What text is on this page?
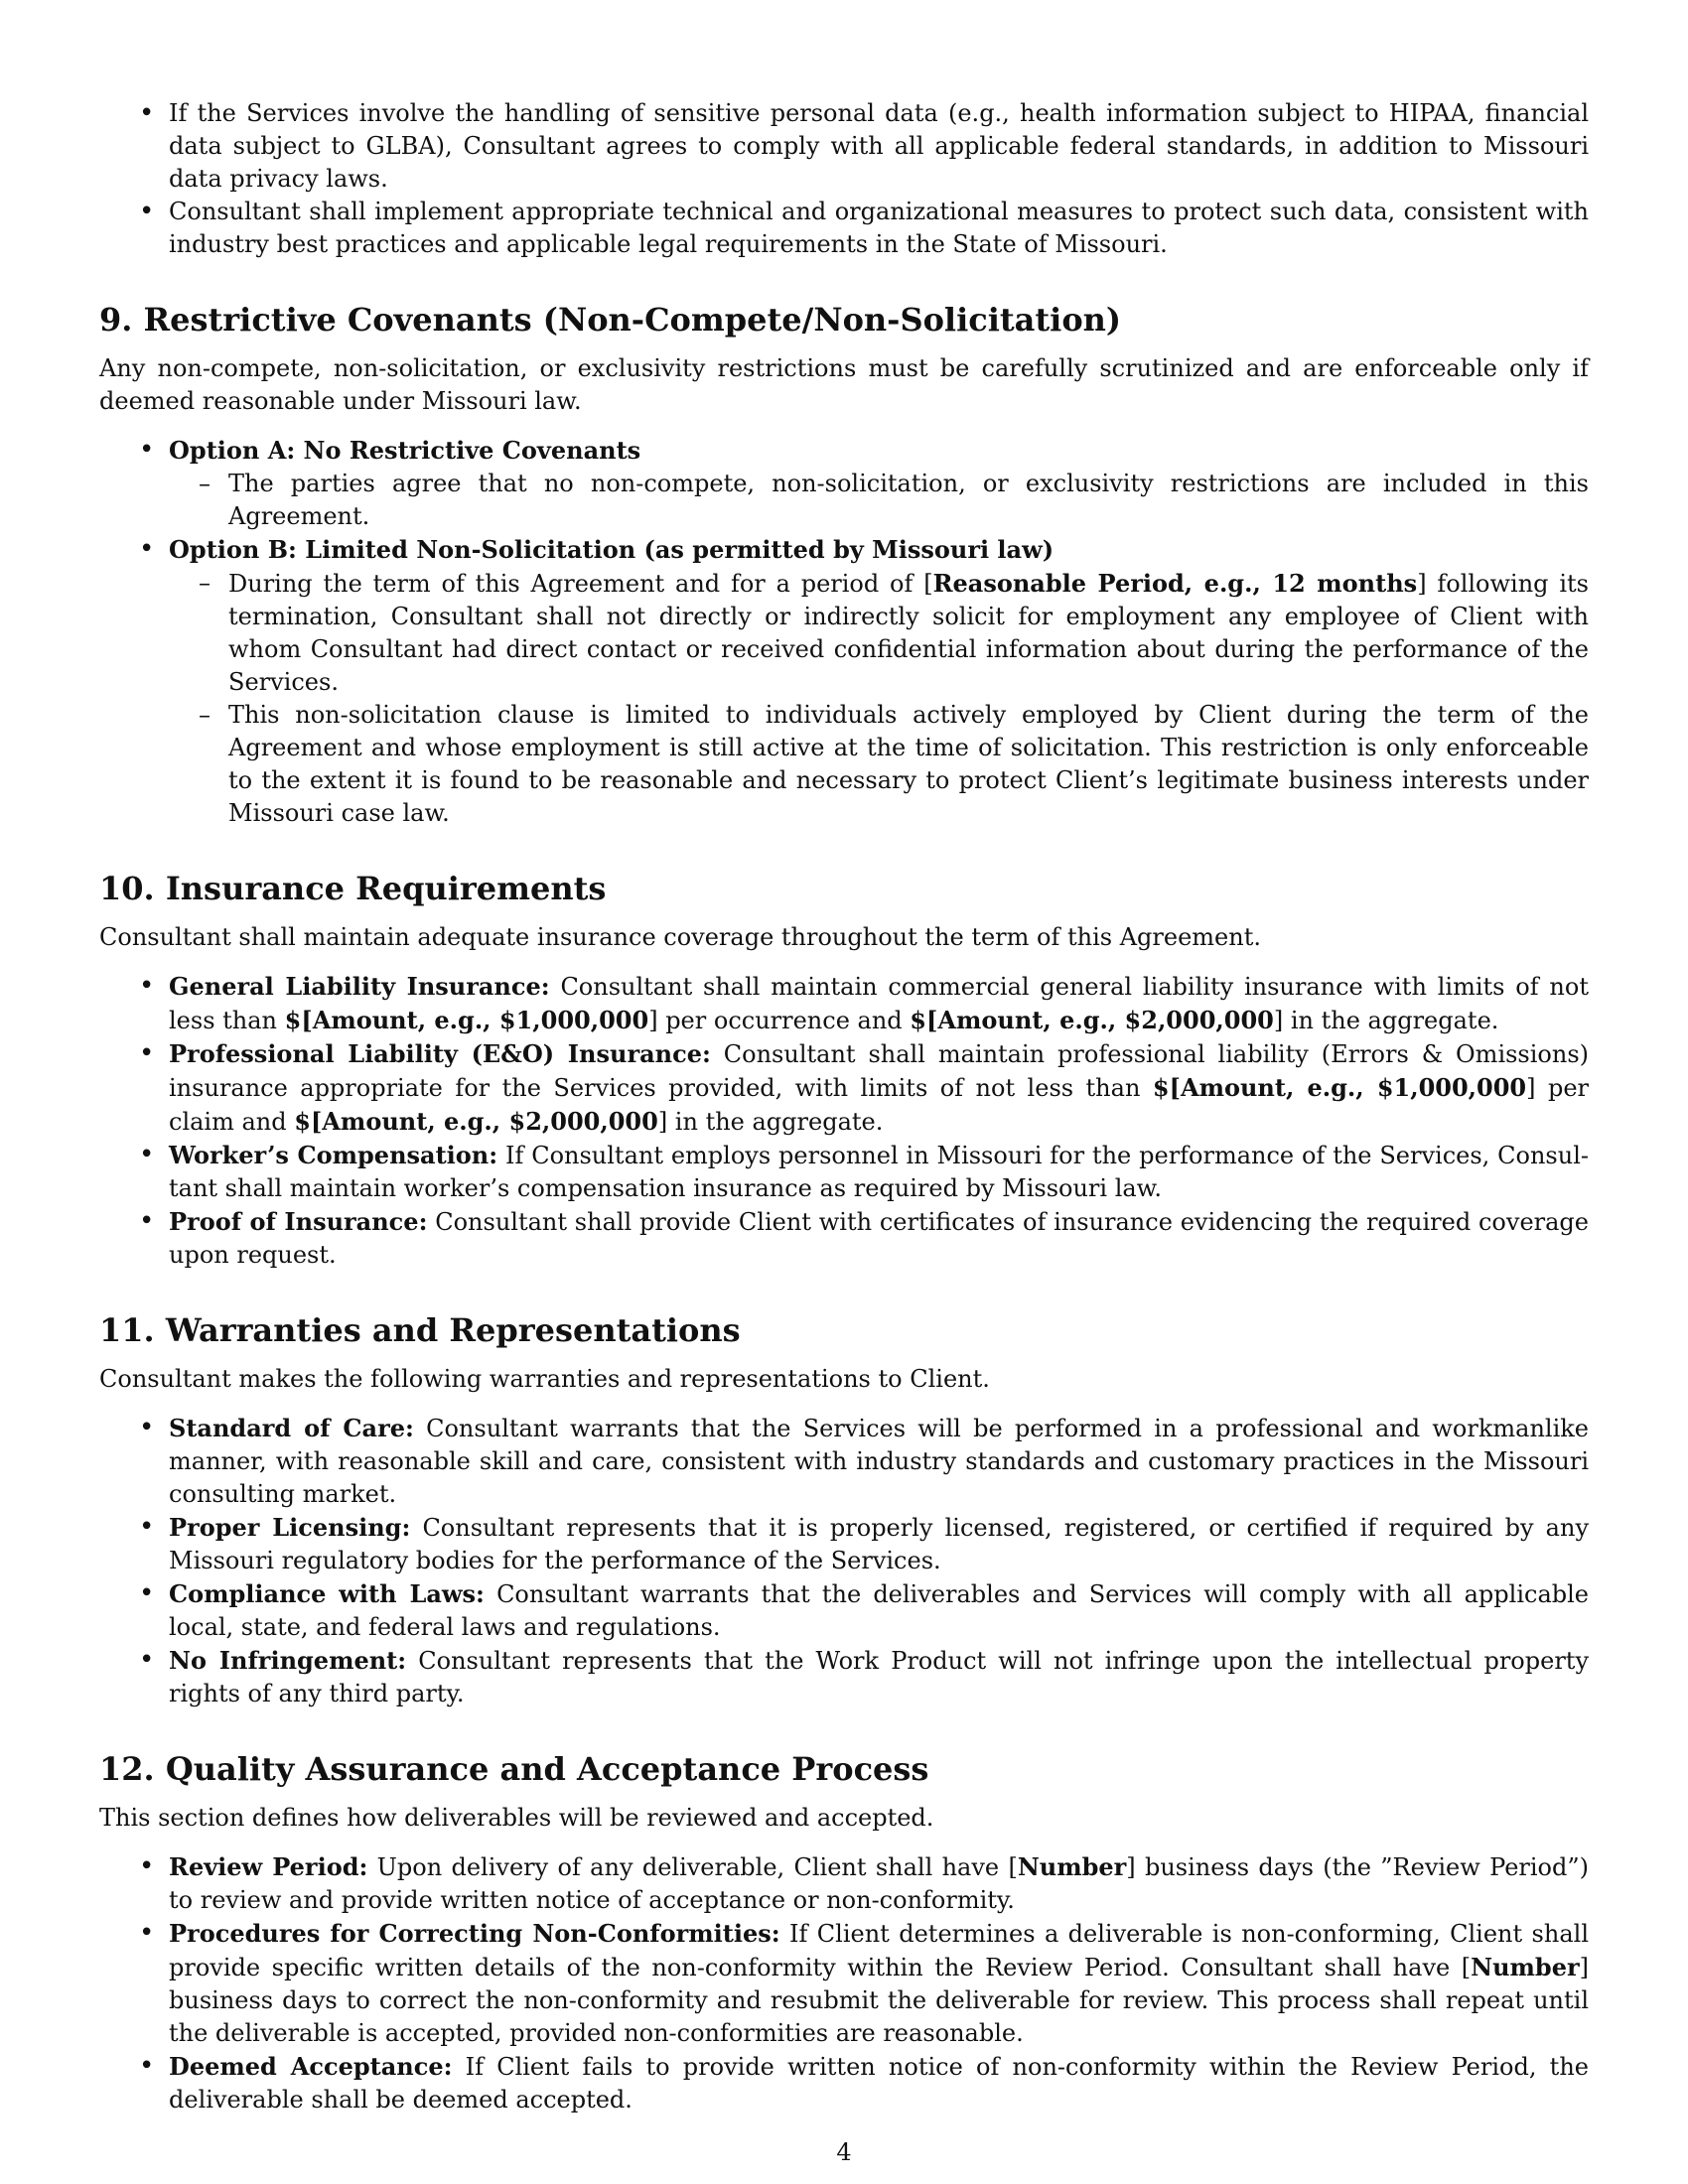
• If the Services involve the handling of sensitive personal data (e.g., health information subject to HIPAA, financial data subject to GLBA), Consultant agrees to comply with all applicable federal standards, in addition to Missouri data privacy laws.
• Consultant shall implement appropriate technical and organizational measures to protect such data, consistent with industry best practices and applicable legal requirements in the State of Missouri.
9. Restrictive Covenants (Non-Compete/Non-Solicitation)

Any non-compete, non-solicitation, or exclusivity restrictions must be carefully scrutinized and are enforceable only if deemed reasonable under Missouri law.

• Option A: No Restrictive Covenants
– The parties agree that no non-compete, non-solicitation, or exclusivity restrictions are included in this Agreement.
• Option B: Limited Non-Solicitation (as permitted by Missouri law)
– During the term of this Agreement and for a period of [Reasonable Period, e.g., 12 months] following its termination, Consultant shall not directly or indirectly solicit for employment any employee of Client with whom Consultant had direct contact or received confidential information about during the performance of the Services.
– This non-solicitation clause is limited to individuals actively employed by Client during the term of the Agreement and whose employment is still active at the time of solicitation. This restriction is only enforceable to the extent it is found to be reasonable and necessary to protect Client’s legitimate business interests under Missouri case law.
10. Insurance Requirements

Consultant shall maintain adequate insurance coverage throughout the term of this Agreement.

• General Liability Insurance: Consultant shall maintain commercial general liability insurance with limits of not less than $[Amount, e.g., $1,000,000] per occurrence and $[Amount, e.g., $2,000,000] in the aggregate.
• Professional Liability (E&O) Insurance: Consultant shall maintain professional liability (Errors & Omissions) insurance appropriate for the Services provided, with limits of not less than $[Amount, e.g., $1,000,000] per claim and $[Amount, e.g., $2,000,000] in the aggregate.
• Worker’s Compensation: If Consultant employs personnel in Missouri for the performance of the Services, Consul-tant shall maintain worker’s compensation insurance as required by Missouri law.
• Proof of Insurance: Consultant shall provide Client with certificates of insurance evidencing the required coverage upon request.
11. Warranties and Representations

Consultant makes the following warranties and representations to Client.

• Standard of Care: Consultant warrants that the Services will be performed in a professional and workmanlike manner, with reasonable skill and care, consistent with industry standards and customary practices in the Missouri consulting market.
• Proper Licensing: Consultant represents that it is properly licensed, registered, or certified if required by any Missouri regulatory bodies for the performance of the Services.
• Compliance with Laws: Consultant warrants that the deliverables and Services will comply with all applicable local, state, and federal laws and regulations.
• No Infringement: Consultant represents that the Work Product will not infringe upon the intellectual property rights of any third party.
12. Quality Assurance and Acceptance Process

This section defines how deliverables will be reviewed and accepted.

• Review Period: Upon delivery of any deliverable, Client shall have [Number] business days (the ”Review Period”) to review and provide written notice of acceptance or non-conformity.
• Procedures for Correcting Non-Conformities: If Client determines a deliverable is non-conforming, Client shall provide specific written details of the non-conformity within the Review Period. Consultant shall have [Number] business days to correct the non-conformity and resubmit the deliverable for review. This process shall repeat until the deliverable is accepted, provided non-conformities are reasonable.
• Deemed Acceptance: If Client fails to provide written notice of non-conformity within the Review Period, the deliverable shall be deemed accepted.
4
